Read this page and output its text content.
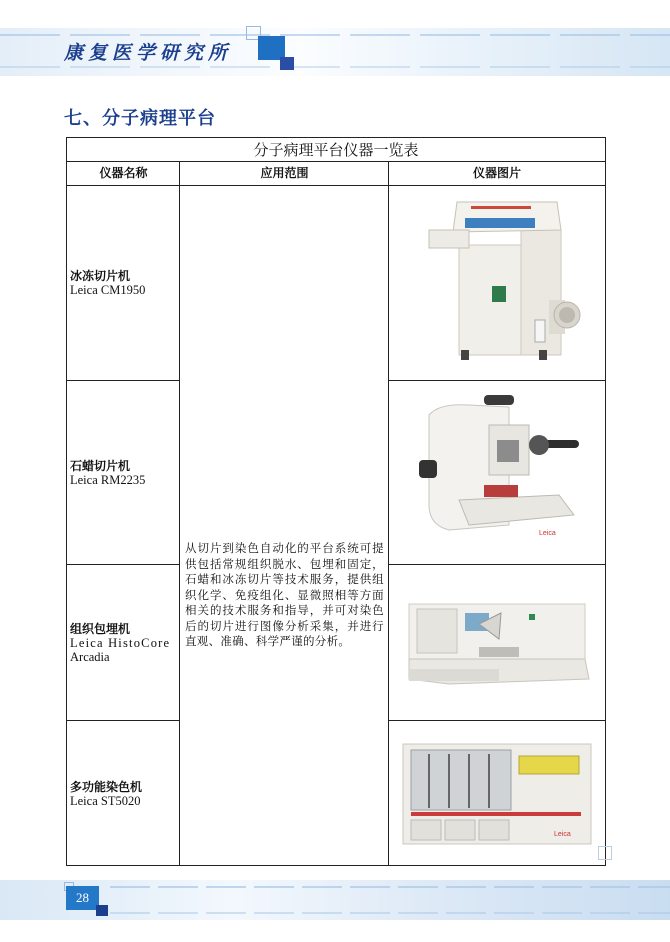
康复医学研究所
七、分子病理平台
分子病理平台仪器一览表
仪器名称	应用范围	仪器图片
冰冻切片机
Leica CM1950
石蜡切片机
Leica RM2235
组织包埋机
Leica HistoCore
Arcadia
多功能染色机
Leica ST5020

从切片到染色自动化的平台系统可提供包括常规组织脱水、包埋和固定，石蜡和冰冻切片等技术服务，提供组织化学、免疫组化、显微照相等方面相关的技术服务和指导，并可对染色后的切片进行图像分析采集，并进行直观、准确、科学严谨的分析。

Leica
Leica
28
